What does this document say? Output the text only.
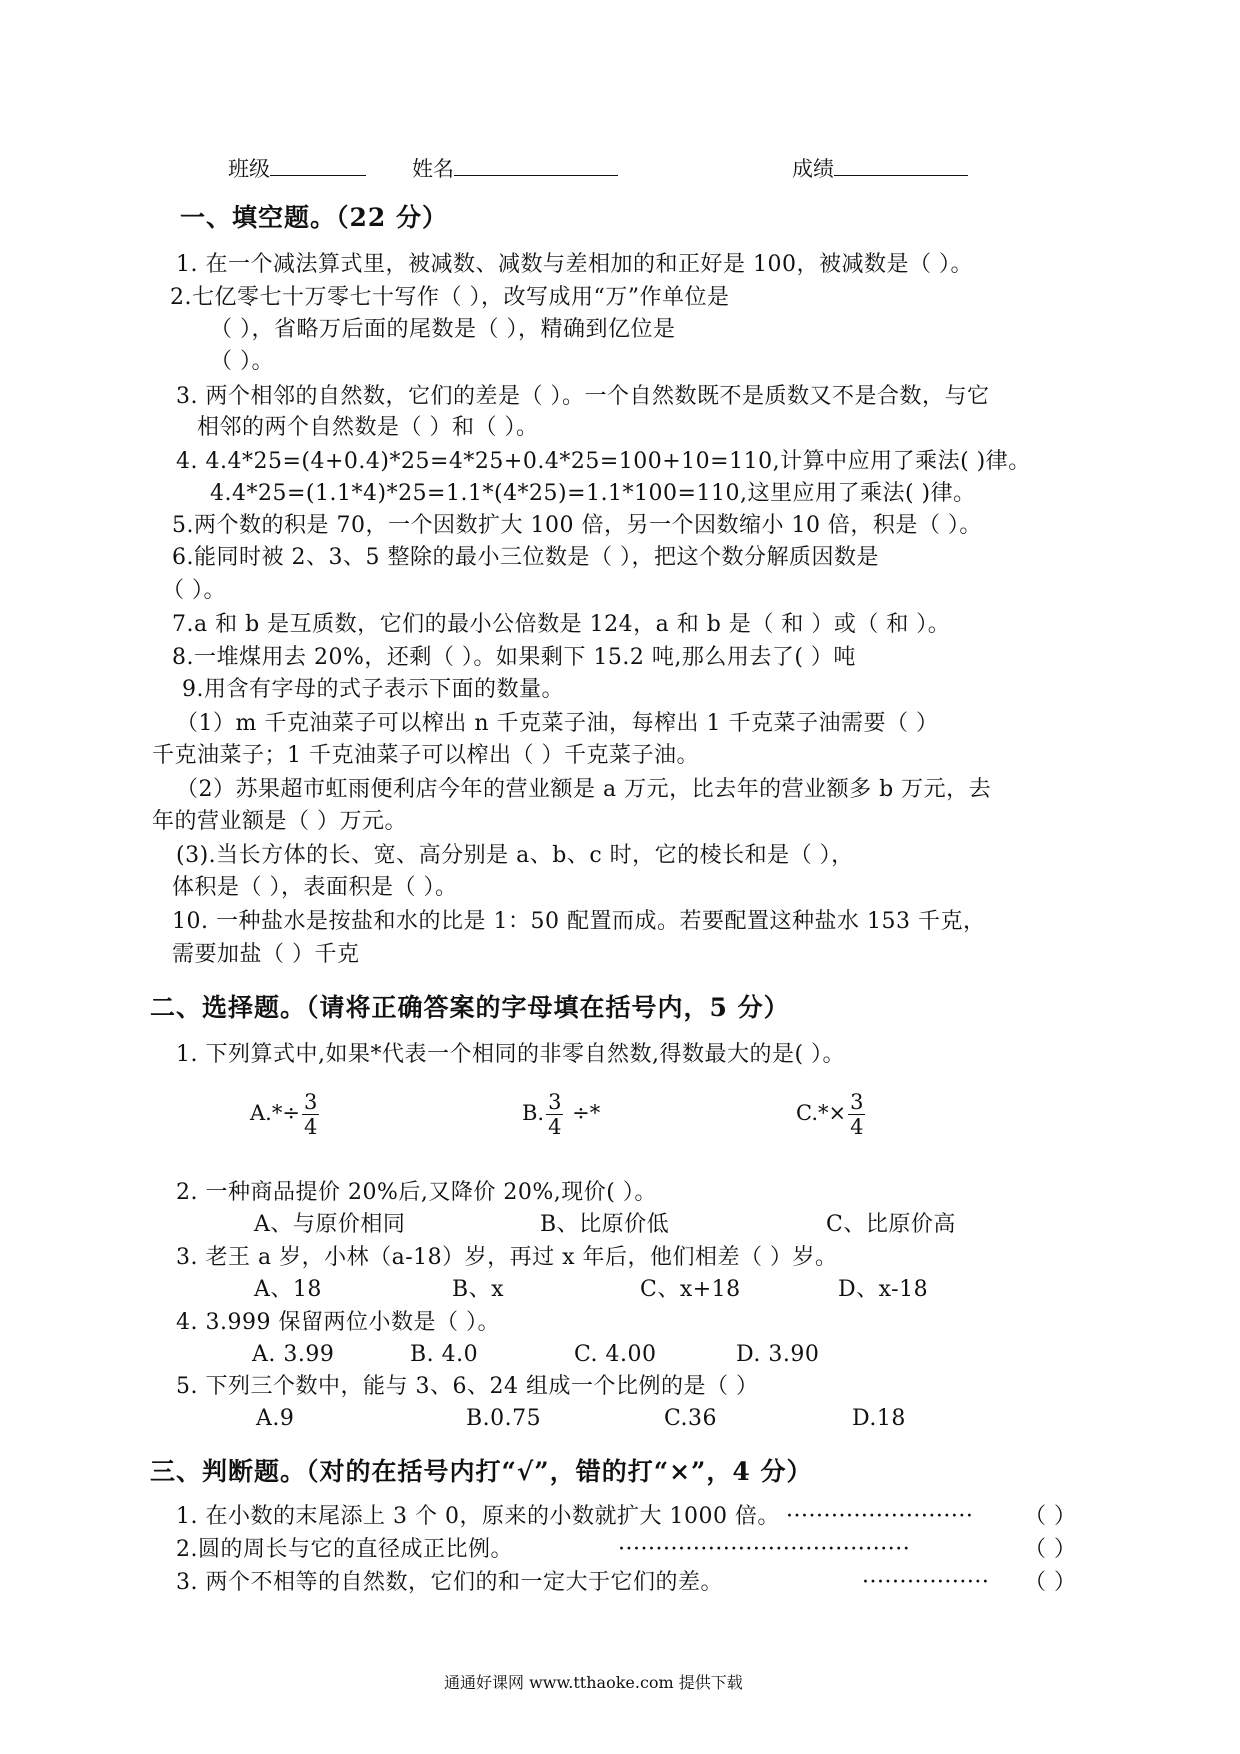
班级	姓名	成绩
一、填空题。（22 分）
1. 在一个减法算式里，被减数、减数与差相加的和正好是 100，被减数是（ ）。
2.七亿零七十万零七十写作（ ），改写成用“万”作单位是
（ ），省略万后面的尾数是（ ），精确到亿位是
（ ）。
3. 两个相邻的自然数，它们的差是（ ）。一个自然数既不是质数又不是合数，与它
相邻的两个自然数是（ ）和（ ）。
4. 4.4*25=(4+0.4)*25=4*25+0.4*25=100+10=110,计算中应用了乘法( )律。
4.4*25=(1.1*4)*25=1.1*(4*25)=1.1*100=110,这里应用了乘法( )律。
5.两个数的积是 70，一个因数扩大 100 倍，另一个因数缩小 10 倍，积是（ ）。
6.能同时被 2、3、5 整除的最小三位数是（ ），把这个数分解质因数是
（ ）。
7.a 和 b 是互质数，它们的最小公倍数是 124，a 和 b 是（ 和 ）或（ 和 ）。
8.一堆煤用去 20%，还剩（ ）。如果剩下 15.2 吨,那么用去了( ）吨
9.用含有字母的式子表示下面的数量。
（1）m 千克油菜子可以榨出 n 千克菜子油，每榨出 1 千克菜子油需要（ ）
千克油菜子；1 千克油菜子可以榨出（ ）千克菜子油。
（2）苏果超市虹雨便利店今年的营业额是 a 万元，比去年的营业额多 b 万元，去
年的营业额是（ ）万元。
(3).当长方体的长、宽、高分别是 a、b、c 时，它的棱长和是（ ），
体积是（ ），表面积是（ ）。
10. 一种盐水是按盐和水的比是 1：50 配置而成。若要配置这种盐水 153 千克，
需要加盐（ ）千克
二、选择题。（请将正确答案的字母填在括号内，5 分）
1. 下列算式中,如果*代表一个相同的非零自然数,得数最大的是( ）。
$A.*\div \frac{3}{4}$	B. $\frac{3}{4}$ ÷*	$C.*\times \frac{3}{4}$
2. 一种商品提价 20%后,又降价 20%,现价( ）。
A、与原价相同	B、比原价低	C、比原价高
3. 老王 a 岁，小林（a-18）岁，再过 x 年后，他们相差（ ）岁。
A、18	B、x	C、x+18	D、x-18
4. 3.999 保留两位小数是（ ）。
A. 3.99	B. 4.0	C. 4.00	D. 3.90
5. 下列三个数中，能与 3、6、24 组成一个比例的是（ ）
A.9	B.0.75	C.36	D.18
三、判断题。（对的在括号内打“√”，错的打“×”，4 分）
1. 在小数的末尾添上 3 个 0，原来的小数就扩大 1000 倍。 ························· （ ）
2.圆的周长与它的直径成正比例。	·······································	（ ）
3. 两个不相等的自然数，它们的和一定大于它们的差。	················· （ ）
通通好课网 www.tthaoke.com 提供下载
